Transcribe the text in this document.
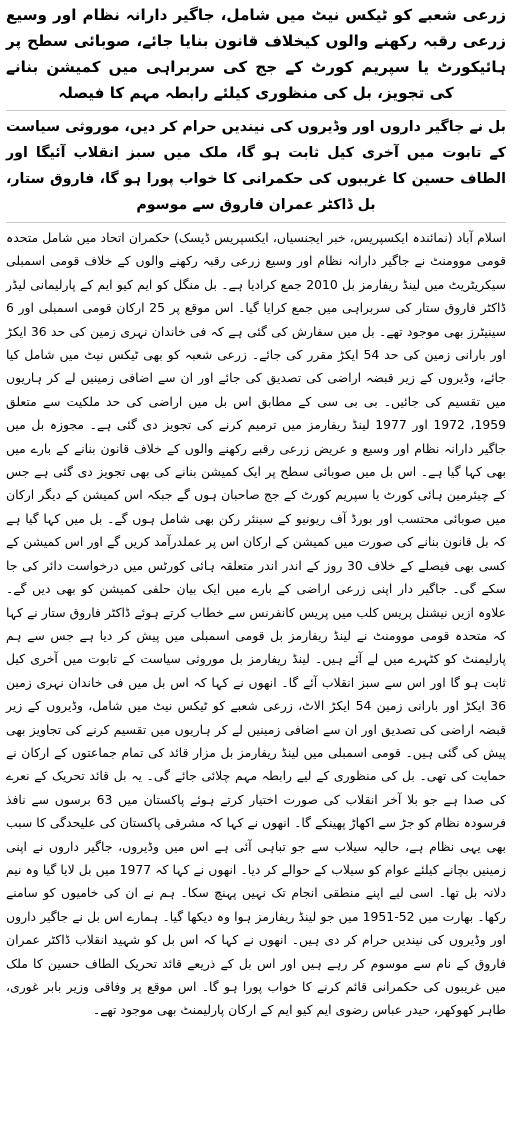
زرعی شعبے کو ٹیکس نیٹ میں شامل، جاگیر دارانہ نظام اور وسیع زرعی رقبہ رکھنے والوں کیخلاف قانون بنایا جائے، صوبائی سطح پر ہائیکورٹ یا سپریم کورٹ کے جج کی سربراہی میں کمیشن بنانے کی تجویز، بل کی منظوری کیلئے رابطہ مہم کا فیصلہ
بل نے جاگیر داروں اور وڈیروں کی نیندیں حرام کر دیں، موروثی سیاست کے تابوت میں آخری کیل ثابت ہو گا، ملک میں سبز انقلاب آئیگا اور الطاف حسین کا غریبوں کی حکمرانی کا خواب پورا ہو گا، فاروق ستار، بل ڈاکٹر عمران فاروق سے موسوم

اسلام آباد (نمائندہ ایکسپریس، خبر ایجنسیاں، ایکسپریس ڈیسک) حکمران اتحاد میں شامل متحدہ قومی موومنٹ نے جاگیر دارانہ نظام اور وسیع زرعی رقبہ رکھنے والوں کے خلاف قومی اسمبلی سیکریٹریٹ میں لینڈ ریفارمز بل 2010 جمع کرادیا ہے۔ بل منگل کو ایم کیو ایم کے پارلیمانی لیڈر ڈاکٹر فاروق ستار کی سربراہی میں جمع کرایا گیا۔ اس موقع پر 25 ارکان قومی اسمبلی اور 6 سینیٹرز بھی موجود تھے۔ بل میں سفارش کی گئی ہے کہ فی خاندان نہری زمین کی حد 36 ایکڑ اور بارانی زمین کی حد 54 ایکڑ مقرر کی جائے۔ زرعی شعبہ کو بھی ٹیکس نیٹ میں شامل کیا جائے، وڈیروں کے زیر قبضہ اراضی کی تصدیق کی جائے اور ان سے اضافی زمینیں لے کر ہاریوں میں تقسیم کی جائیں۔ بی بی سی کے مطابق اس بل میں اراضی کی حد ملکیت سے متعلق 1959، 1972 اور 1977 لینڈ ریفارمز میں ترمیم کرنے کی تجویز دی گئی ہے۔ مجوزہ بل میں جاگیر دارانہ نظام اور وسیع و عریض زرعی رقبے رکھنے والوں کے خلاف قانون بنانے کے بارے میں بھی کہا گیا ہے۔ اس بل میں صوبائی سطح پر ایک کمیشن بنانے کی بھی تجویز دی گئی ہے جس کے چیئرمین ہائی کورٹ یا سپریم کورٹ کے جج صاحبان ہوں گے جبکہ اس کمیشن کے دیگر ارکان میں صوبائی محتسب اور بورڈ آف ریونیو کے سینئر رکن بھی شامل ہوں گے۔ بل میں کہا گیا ہے کہ بل قانون بنانے کی صورت میں کمیشن کے ارکان اس پر عملدرآمد کریں گے اور اس کمیشن کے کسی بھی فیصلے کے خلاف 30 روز کے اندر اندر متعلقہ ہائی کورٹس میں درخواست دائر کی جا سکے گی۔ جاگیر دار اپنی زرعی اراضی کے بارے میں ایک بیان حلفی کمیشن کو بھی دیں گے۔ علاوہ ازیں نیشنل پریس کلب میں پریس کانفرنس سے خطاب کرتے ہوئے ڈاکٹر فاروق ستار نے کہا کہ متحدہ قومی موومنٹ نے لینڈ ریفارمز بل قومی اسمبلی میں پیش کر دیا ہے جس سے ہم پارلیمنٹ کو کٹہرے میں لے آئے ہیں۔ لینڈ ریفارمز بل موروثی سیاست کے تابوت میں آخری کیل ثابت ہو گا اور اس سے سبز انقلاب آئے گا۔ انھوں نے کہا کہ اس بل میں فی خاندان نہری زمین 36 ایکڑ اور بارانی زمین 54 ایکڑ الاٹ، زرعی شعبے کو ٹیکس نیٹ میں شامل، وڈیروں کے زیر قبضہ اراضی کی تصدیق اور ان سے اضافی زمینیں لے کر ہاریوں میں تقسیم کرنے کی تجاویز بھی پیش کی گئی ہیں۔ قومی اسمبلی میں لینڈ ریفارمز بل مزار قائد کی تمام جماعتوں کے ارکان نے حمایت کی تھی۔ بل کی منظوری کے لیے رابطہ مہم چلائی جائے گی۔ یہ بل قائد تحریک کے نعرے کی صدا ہے جو بلا آخر انقلاب کی صورت اختیار کرتے ہوئے پاکستان میں 63 برسوں سے نافذ فرسودہ نظام کو جڑ سے اکھاڑ پھینکے گا۔ انھوں نے کہا کہ مشرقی پاکستان کی علیحدگی کا سبب بھی یہی نظام ہے، حالیہ سیلاب سے جو تباہی آئی ہے اس میں وڈیروں، جاگیر داروں نے اپنی زمینیں بچانے کیلئے عوام کو سیلاب کے حوالے کر دیا۔ انھوں نے کہا کہ 1977 میں بل لایا گیا وہ نیم دلانہ بل تھا۔ اسی لیے اپنے منطقی انجام تک نہیں پہنچ سکا۔ ہم نے ان کی خامیوں کو سامنے رکھا۔ بھارت میں 52-1951 میں جو لینڈ ریفارمز ہوا وہ دیکھا گیا۔ ہمارے اس بل نے جاگیر داروں اور وڈیروں کی نیندیں حرام کر دی ہیں۔ انھوں نے کہا کہ اس بل کو شہید انقلاب ڈاکٹر عمران فاروق کے نام سے موسوم کر رہے ہیں اور اس بل کے ذریعے قائد تحریک الطاف حسین کا ملک میں غریبوں کی حکمرانی قائم کرنے کا خواب پورا ہو گا۔ اس موقع پر وفاقی وزیر بابر غوری، طاہر کھوکھر، حیدر عباس رضوی ایم کیو ایم کے ارکان پارلیمنٹ بھی موجود تھے۔
